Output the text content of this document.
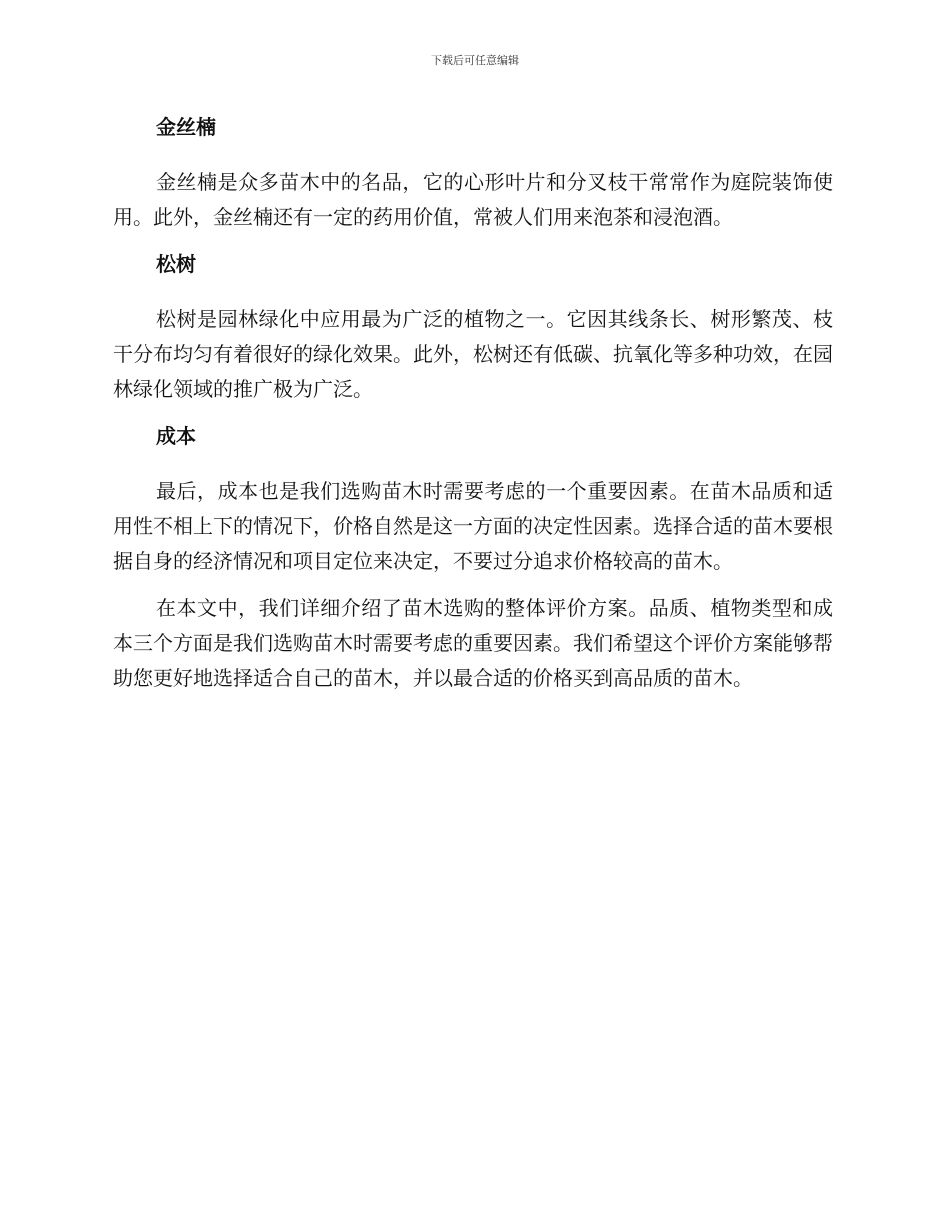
下载后可任意编辑
金丝楠

金丝楠是众多苗木中的名品，它的心形叶片和分叉枝干常常作为庭院装饰使用。此外，金丝楠还有一定的药用价值，常被人们用来泡茶和浸泡酒。

松树

松树是园林绿化中应用最为广泛的植物之一。它因其线条长、树形繁茂、枝干分布均匀有着很好的绿化效果。此外，松树还有低碳、抗氧化等多种功效，在园林绿化领域的推广极为广泛。

成本

最后，成本也是我们选购苗木时需要考虑的一个重要因素。在苗木品质和适用性不相上下的情况下，价格自然是这一方面的决定性因素。选择合适的苗木要根据自身的经济情况和项目定位来决定，不要过分追求价格较高的苗木。

在本文中，我们详细介绍了苗木选购的整体评价方案。品质、植物类型和成本三个方面是我们选购苗木时需要考虑的重要因素。我们希望这个评价方案能够帮助您更好地选择适合自己的苗木，并以最合适的价格买到高品质的苗木。
